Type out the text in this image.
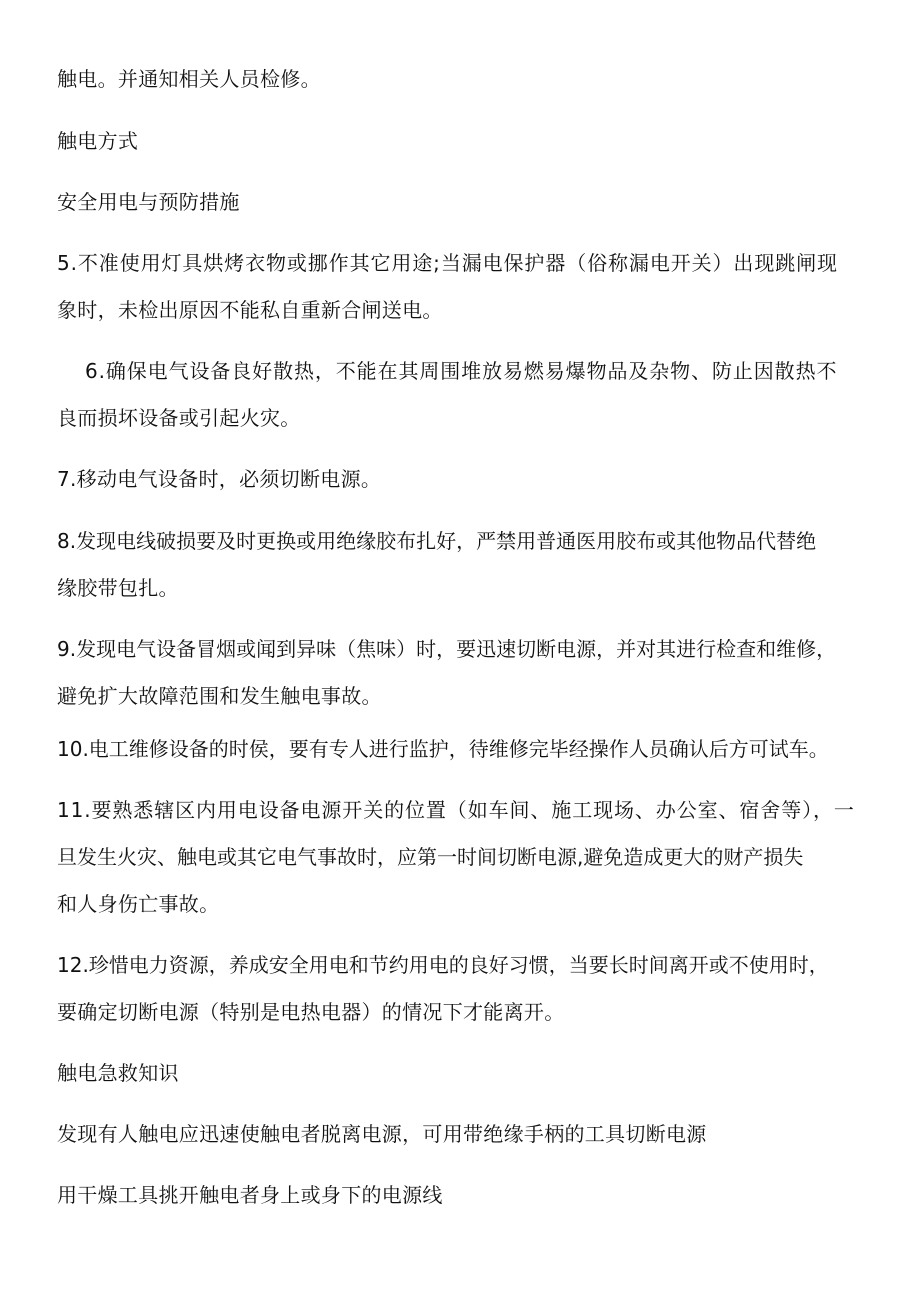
触电。并通知相关人员检修。
触电方式
安全用电与预防措施
5.不准使用灯具烘烤衣物或挪作其它用途;当漏电保护器（俗称漏电开关）出现跳闸现
象时，未检出原因不能私自重新合闸送电。
6.确保电气设备良好散热，不能在其周围堆放易燃易爆物品及杂物、防止因散热不
良而损坏设备或引起火灾。
7.移动电气设备时，必须切断电源。
8.发现电线破损要及时更换或用绝缘胶布扎好，严禁用普通医用胶布或其他物品代替绝
缘胶带包扎。
9.发现电气设备冒烟或闻到异味（焦味）时，要迅速切断电源，并对其进行检查和维修，
避免扩大故障范围和发生触电事故。
10.电工维修设备的时侯，要有专人进行监护，待维修完毕经操作人员确认后方可试车。
11.要熟悉辖区内用电设备电源开关的位置（如车间、施工现场、办公室、宿舍等），一
旦发生火灾、触电或其它电气事故时，应第一时间切断电源,避免造成更大的财产损失
和人身伤亡事故。
12.珍惜电力资源，养成安全用电和节约用电的良好习惯，当要长时间离开或不使用时，
要确定切断电源（特别是电热电器）的情况下才能离开。
触电急救知识
发现有人触电应迅速使触电者脱离电源，可用带绝缘手柄的工具切断电源
用干燥工具挑开触电者身上或身下的电源线
